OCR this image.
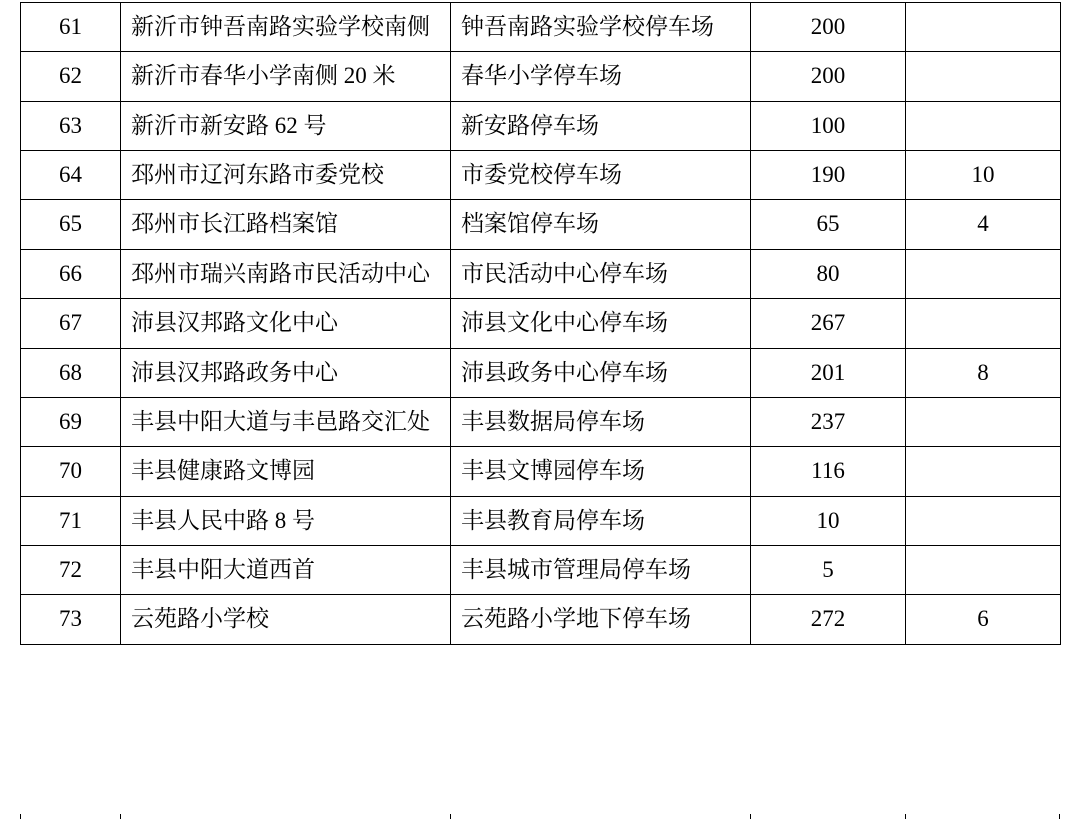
61	新沂市钟吾南路实验学校南侧	钟吾南路实验学校停车场	200	
62	新沂市春华小学南侧 20 米	春华小学停车场	200	
63	新沂市新安路 62 号	新安路停车场	100	
64	邳州市辽河东路市委党校	市委党校停车场	190	10
65	邳州市长江路档案馆	档案馆停车场	65	4
66	邳州市瑞兴南路市民活动中心	市民活动中心停车场	80	
67	沛县汉邦路文化中心	沛县文化中心停车场	267	
68	沛县汉邦路政务中心	沛县政务中心停车场	201	8
69	丰县中阳大道与丰邑路交汇处	丰县数据局停车场	237	
70	丰县健康路文博园	丰县文博园停车场	116	
71	丰县人民中路 8 号	丰县教育局停车场	10	
72	丰县中阳大道西首	丰县城市管理局停车场	5	
73	云苑路小学校	云苑路小学地下停车场	272	6
